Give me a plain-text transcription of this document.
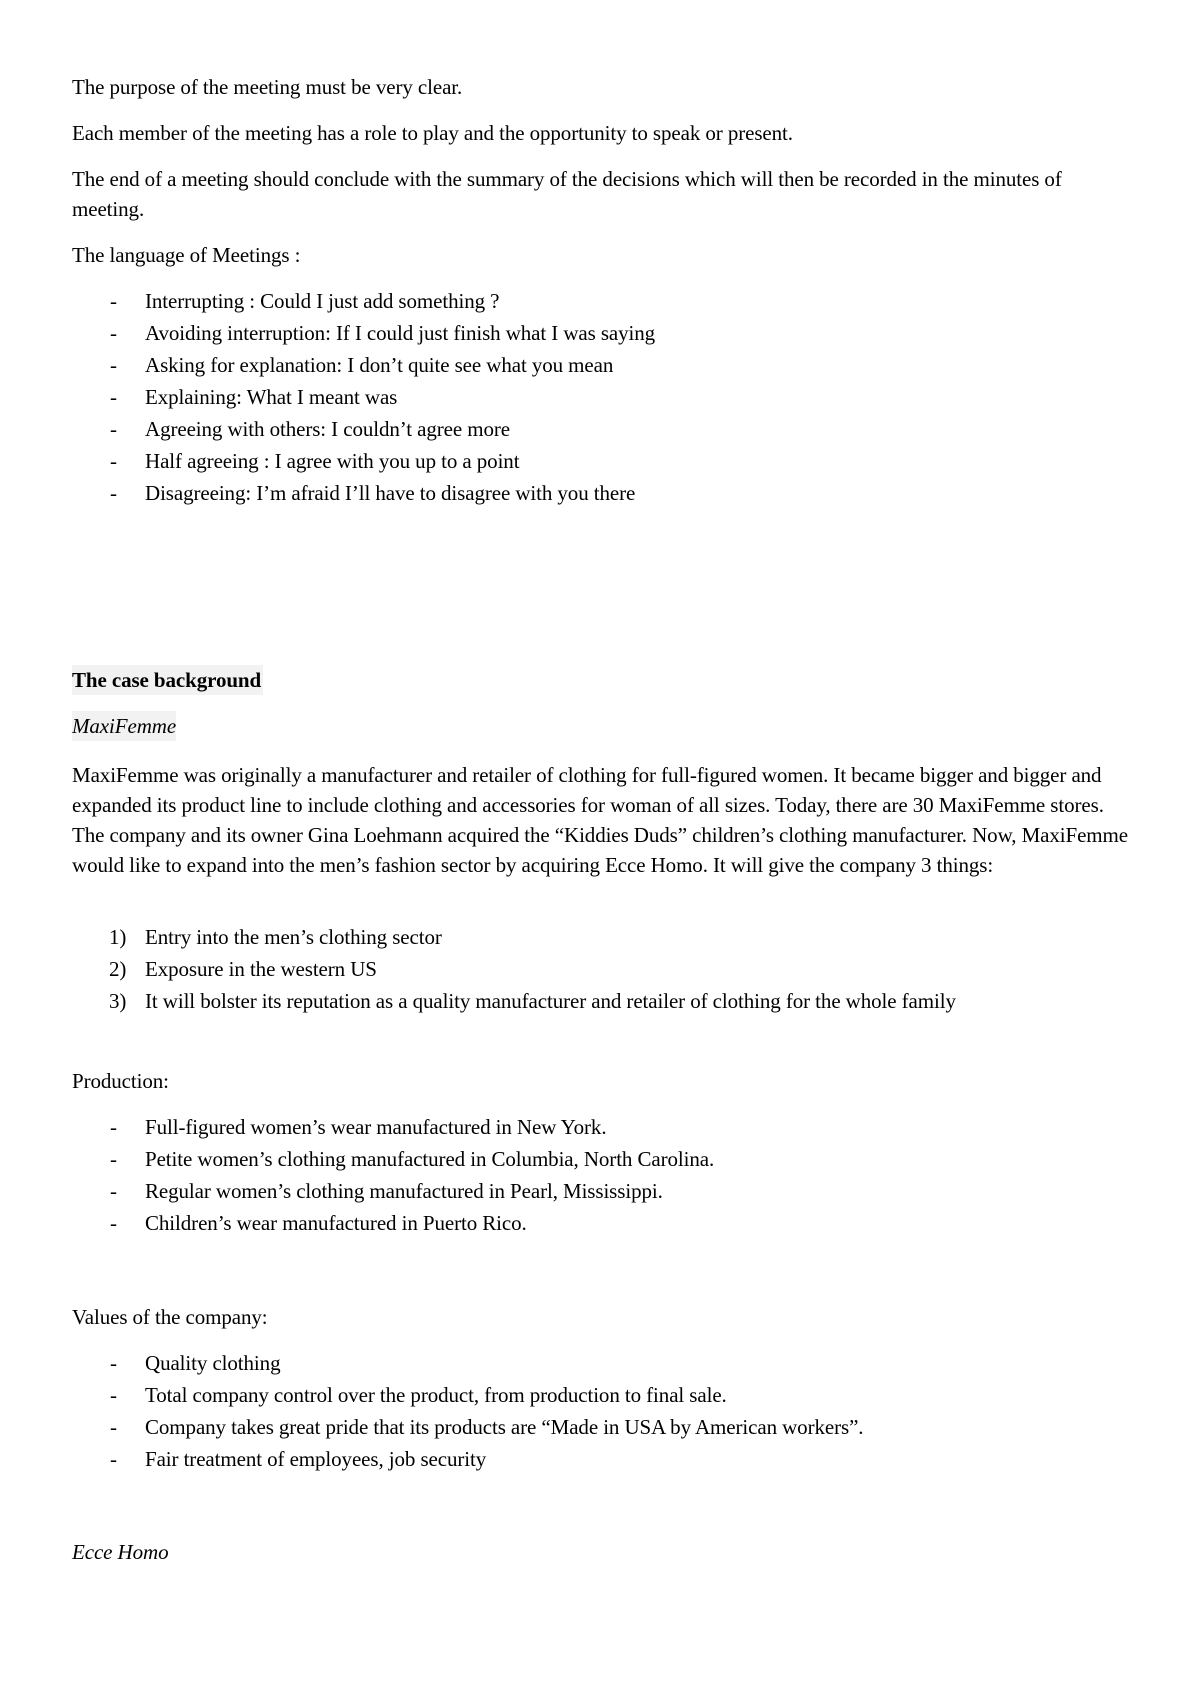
The purpose of the meeting must be very clear.

Each member of the meeting has a role to play and the opportunity to speak or present.

The end of a meeting should conclude with the summary of the decisions which will then be recorded in the minutes of meeting.

The language of Meetings :

- Interrupting : Could I just add something ?
- Avoiding interruption: If I could just finish what I was saying
- Asking for explanation: I don’t quite see what you mean
- Explaining: What I meant was
- Agreeing with others: I couldn’t agree more
- Half agreeing : I agree with you up to a point
- Disagreeing: I’m afraid I’ll have to disagree with you there
The case background
MaxiFemme

MaxiFemme was originally a manufacturer and retailer of clothing for full-figured women. It became bigger and bigger and expanded its product line to include clothing and accessories for woman of all sizes. Today, there are 30 MaxiFemme stores. The company and its owner Gina Loehmann acquired the “Kiddies Duds” children’s clothing manufacturer. Now, MaxiFemme would like to expand into the men’s fashion sector by acquiring Ecce Homo. It will give the company 3 things:

1) Entry into the men’s clothing sector
2) Exposure in the western US
3) It will bolster its reputation as a quality manufacturer and retailer of clothing for the whole family

Production:

- Full-figured women’s wear manufactured in New York.
- Petite women’s clothing manufactured in Columbia, North Carolina.
- Regular women’s clothing manufactured in Pearl, Mississippi.
- Children’s wear manufactured in Puerto Rico.

Values of the company:

- Quality clothing
- Total company control over the product, from production to final sale.
- Company takes great pride that its products are “Made in USA by American workers”.
- Fair treatment of employees, job security
Ecce Homo
